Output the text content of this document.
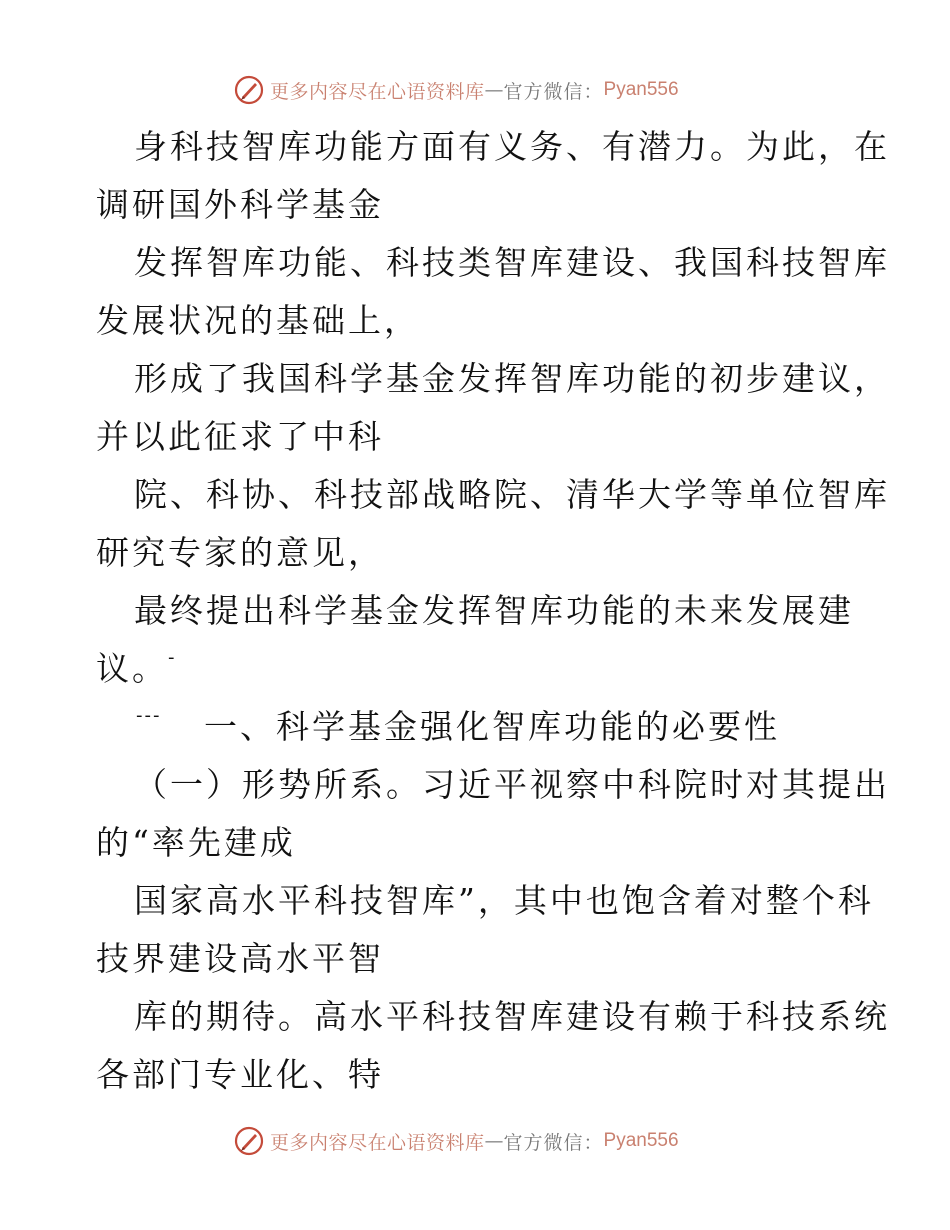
更多内容尽在心语资料库 — 官方微信： Pyan556
身科技智库功能方面有义务、有潜力。为此，在
调研国外科学基金
发挥智库功能、科技类智库建设、我国科技智库
发展状况的基础上，
形成了我国科学基金发挥智库功能的初步建议，
并以此征求了中科
院、科协、科技部战略院、清华大学等单位智库
研究专家的意见，
最终提出科学基金发挥智库功能的未来发展建
议。 -
--- 一、科学基金强化智库功能的必要性
（一）形势所系。习近平视察中科院时对其提出
的“率先建成
国家高水平科技智库”，其中也饱含着对整个科
技界建设高水平智
库的期待。高水平科技智库建设有赖于科技系统
各部门专业化、特
更多内容尽在心语资料库 — 官方微信： Pyan556
